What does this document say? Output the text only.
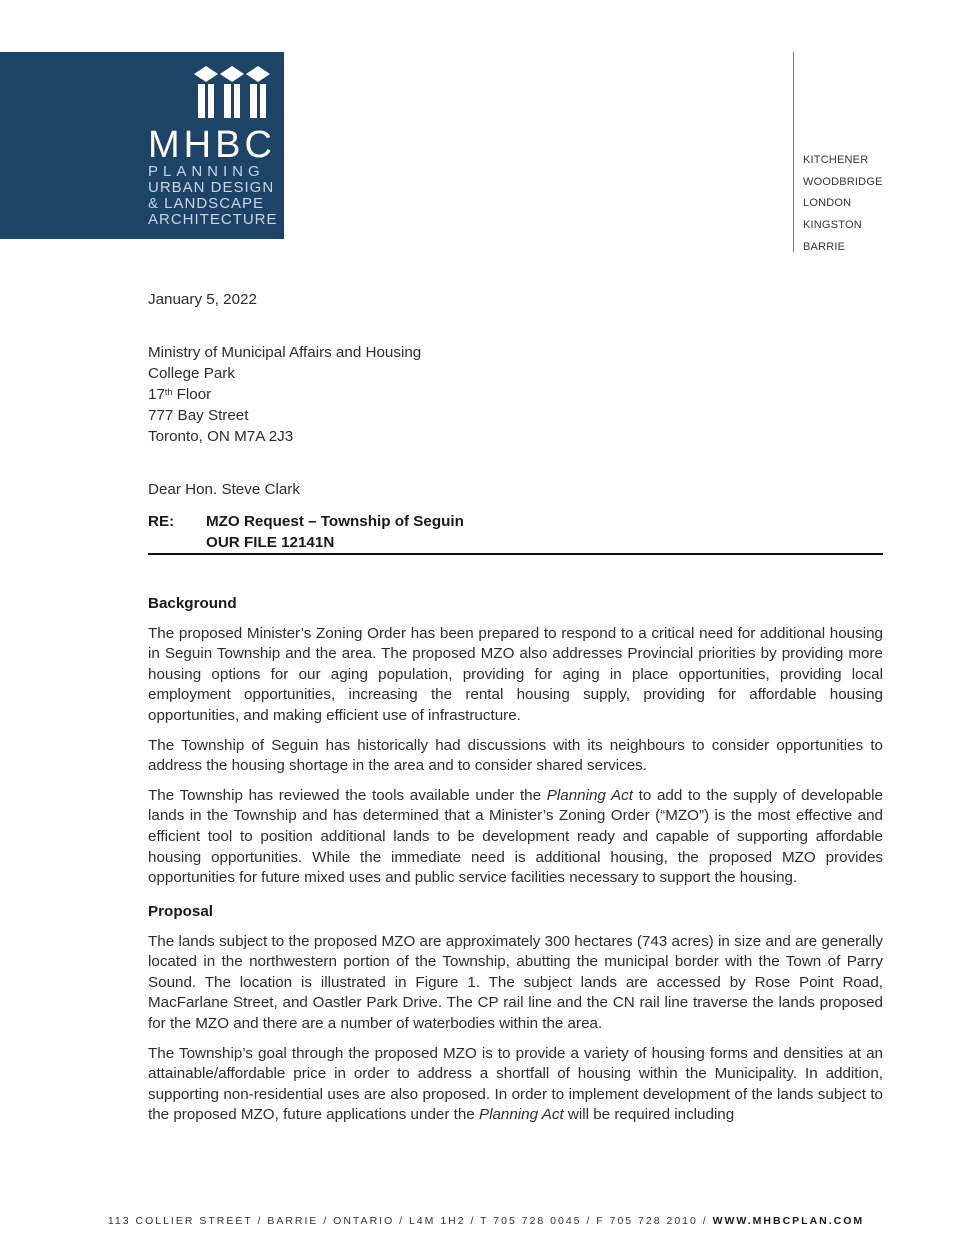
MHBC
PLANNING
URBAN DESIGN
& LANDSCAPE
ARCHITECTURE
KITCHENER
WOODBRIDGE
LONDON
KINGSTON
BARRIE
January 5, 2022
Ministry of Municipal Affairs and Housing
College Park
17th Floor
777 Bay Street
Toronto, ON M7A 2J3
Dear Hon. Steve Clark
RE: MZO Request – Township of Seguin
OUR FILE 12141N
Background

The proposed Minister’s Zoning Order has been prepared to respond to a critical need for additional housing in Seguin Township and the area. The proposed MZO also addresses Provincial priorities by providing more housing options for our aging population, providing for aging in place opportunities, providing local employment opportunities, increasing the rental housing supply, providing for affordable housing opportunities, and making efficient use of infrastructure.

The Township of Seguin has historically had discussions with its neighbours to consider opportunities to address the housing shortage in the area and to consider shared services.

The Township has reviewed the tools available under the Planning Act to add to the supply of developable lands in the Township and has determined that a Minister’s Zoning Order (“MZO”) is the most effective and efficient tool to position additional lands to be development ready and capable of supporting affordable housing opportunities. While the immediate need is additional housing, the proposed MZO provides opportunities for future mixed uses and public service facilities necessary to support the housing.

Proposal

The lands subject to the proposed MZO are approximately 300 hectares (743 acres) in size and are generally located in the northwestern portion of the Township, abutting the municipal border with the Town of Parry Sound. The location is illustrated in Figure 1. The subject lands are accessed by Rose Point Road, MacFarlane Street, and Oastler Park Drive. The CP rail line and the CN rail line traverse the lands proposed for the MZO and there are a number of waterbodies within the area.

The Township’s goal through the proposed MZO is to provide a variety of housing forms and densities at an attainable/affordable price in order to address a shortfall of housing within the Municipality. In addition, supporting non-residential uses are also proposed. In order to implement development of the lands subject to the proposed MZO, future applications under the Planning Act will be required including

113 COLLIER STREET / BARRIE / ONTARIO / L4M 1H2 / T 705 728 0045 / F 705 728 2010 / WWW.MHBCPLAN.COM
